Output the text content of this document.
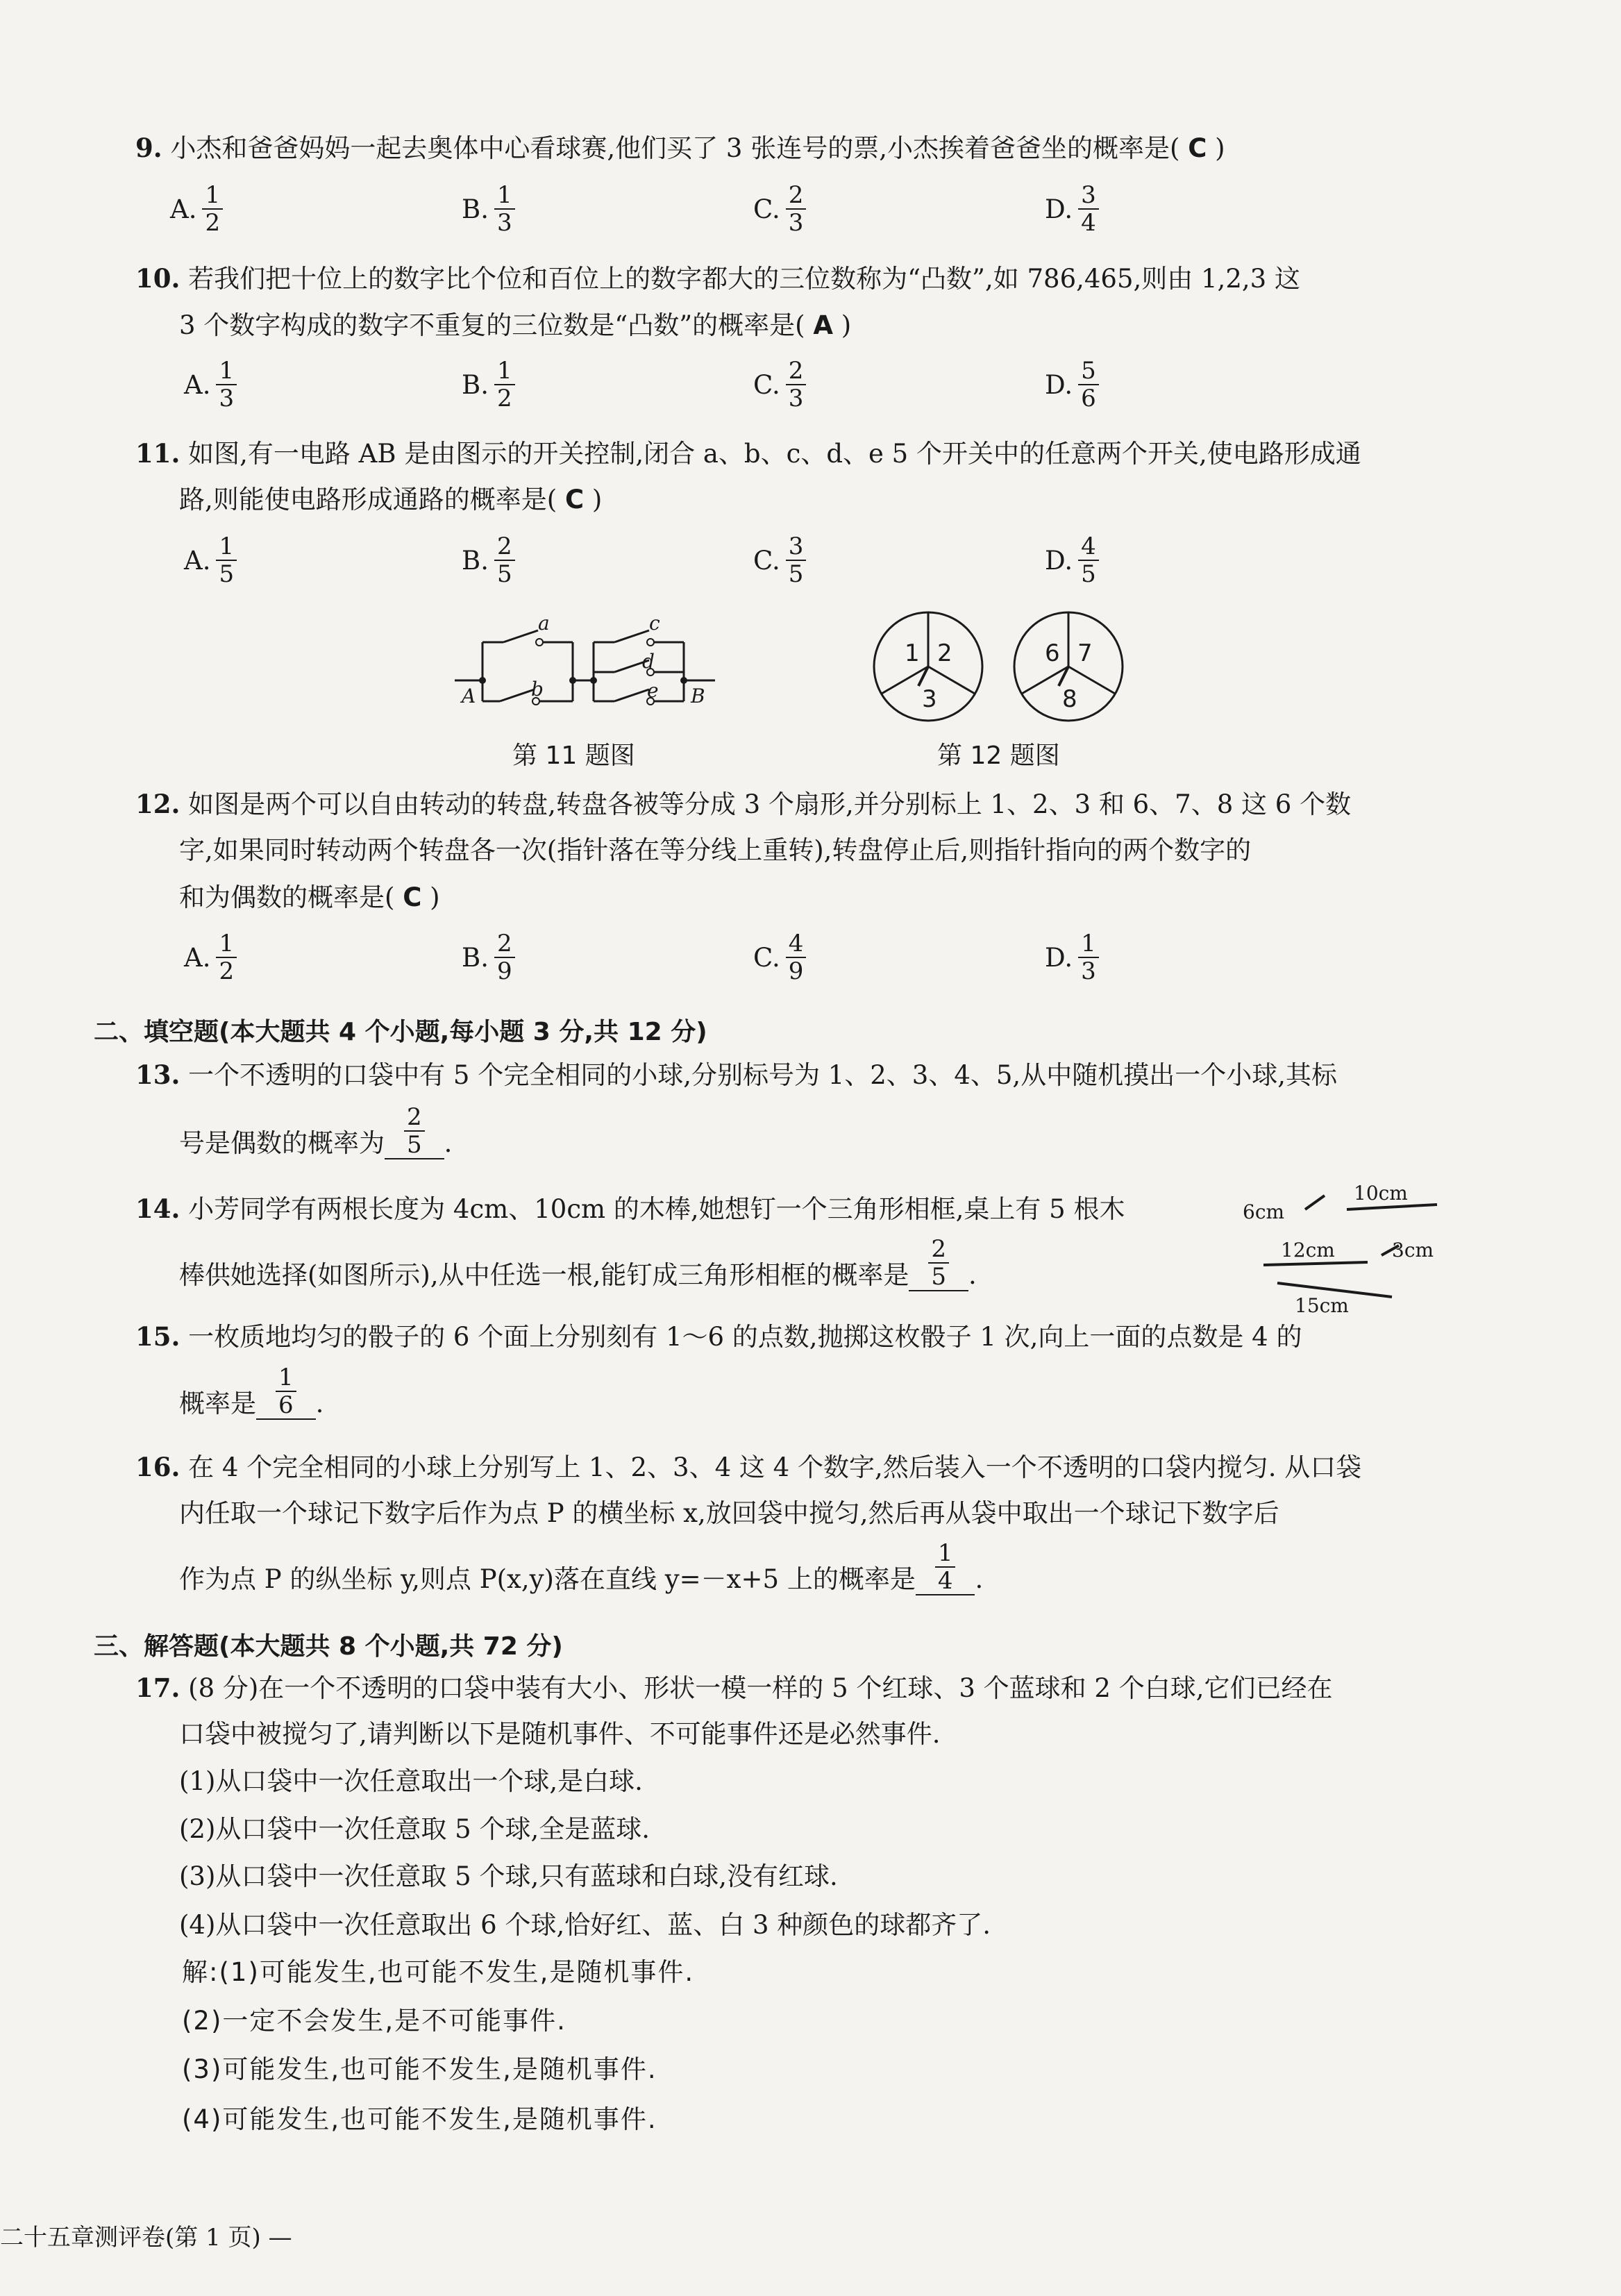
9. 小杰和爸爸妈妈一起去奥体中心看球赛,他们买了 3 张连号的票,小杰挨着爸爸坐的概率是( C )
A. $\frac{1}{2}$	B. $\frac{1}{3}$	C. $\frac{2}{3}$	D. $\frac{3}{4}$
10. 若我们把十位上的数字比个位和百位上的数字都大的三位数称为“凸数”,如 786,465,则由 1,2,3 这
3 个数字构成的数字不重复的三位数是“凸数”的概率是( A )
A. $\frac{1}{3}$	B. $\frac{1}{2}$	C. $\frac{2}{3}$	D. $\frac{5}{6}$
11. 如图,有一电路 AB 是由图示的开关控制,闭合 a、b、c、d、e 5 个开关中的任意两个开关,使电路形成通
路,则能使电路形成通路的概率是( C )
A. $\frac{1}{5}$	B. $\frac{2}{5}$	C. $\frac{3}{5}$	D. $\frac{4}{5}$
a
b
c
d
e
A	B
第 11 题图
1 2
3
6 7
8
第 12 题图
12. 如图是两个可以自由转动的转盘,转盘各被等分成 3 个扇形,并分别标上 1、2、3 和 6、7、8 这 6 个数
字,如果同时转动两个转盘各一次(指针落在等分线上重转),转盘停止后,则指针指向的两个数字的
和为偶数的概率是( C )
A. $\frac{1}{2}$	B. $\frac{2}{9}$	C. $\frac{4}{9}$	D. $\frac{1}{3}$
二、填空题(本大题共 4 个小题,每小题 3 分,共 12 分)
13. 一个不透明的口袋中有 5 个完全相同的小球,分别标号为 1、2、3、4、5,从中随机摸出一个小球,其标
号是偶数的概率为 $\frac{2}{5}$ .
14. 小芳同学有两根长度为 4cm、10cm 的木棒,她想钉一个三角形相框,桌上有 5 根木
棒供她选择(如图所示),从中任选一根,能钉成三角形相框的概率是 $\frac{2}{5}$ .
6cm
10cm
12cm	3cm
15cm
15. 一枚质地均匀的骰子的 6 个面上分别刻有 1～6 的点数,抛掷这枚骰子 1 次,向上一面的点数是 4 的
概率是 $\frac{1}{6}$ .
16. 在 4 个完全相同的小球上分别写上 1、2、3、4 这 4 个数字,然后装入一个不透明的口袋内搅匀. 从口袋
内任取一个球记下数字后作为点 P 的横坐标 x,放回袋中搅匀,然后再从袋中取出一个球记下数字后
作为点 P 的纵坐标 y,则点 P(x,y)落在直线 y=－x+5 上的概率是 $\frac{1}{4}$ .
三、解答题(本大题共 8 个小题,共 72 分)
17. (8 分)在一个不透明的口袋中装有大小、形状一模一样的 5 个红球、3 个蓝球和 2 个白球,它们已经在
口袋中被搅匀了,请判断以下是随机事件、不可能事件还是必然事件.
(1)从口袋中一次任意取出一个球,是白球.
(2)从口袋中一次任意取 5 个球,全是蓝球.
(3)从口袋中一次任意取 5 个球,只有蓝球和白球,没有红球.
(4)从口袋中一次任意取出 6 个球,恰好红、蓝、白 3 种颜色的球都齐了.
解:(1)可能发生,也可能不发生,是随机事件.
(2)一定不会发生,是不可能事件.
(3)可能发生,也可能不发生,是随机事件.
(4)可能发生,也可能不发生,是随机事件.
二十五章测评卷(第 1 页) —
